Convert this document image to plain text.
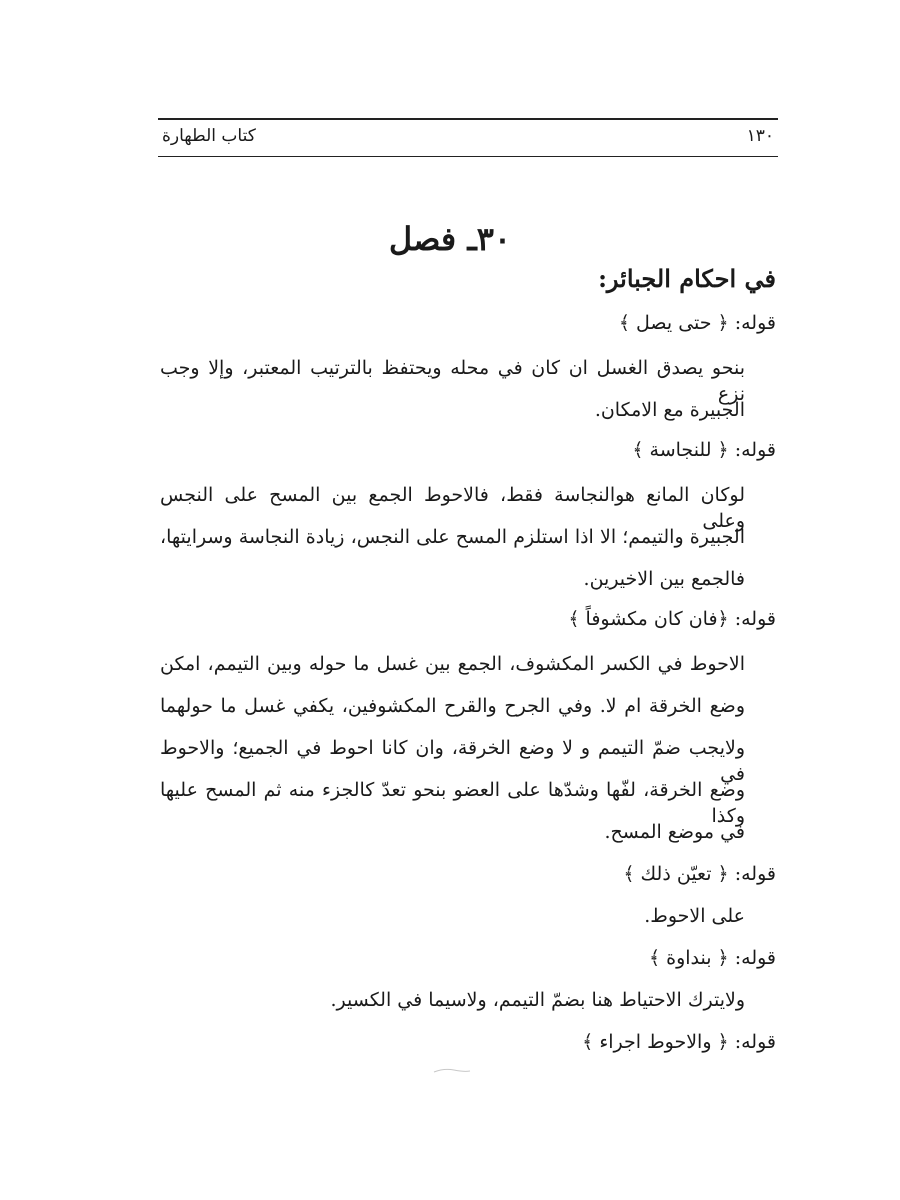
كتاب الطهارة	١٣٠
٣٠ـ فصل
في احكام الجبائر:
قوله: ﴿ حتى يصل ﴾
بنحو يصدق الغسل ان كان في محله ويحتفظ بالترتيب المعتبر، وإلا وجب نزع
الجبيرة مع الامكان.
قوله: ﴿ للنجاسة ﴾
لوكان المانع هوالنجاسة فقط، فالاحوط الجمع بين المسح على النجس وعلى
الجبيرة والتيمم؛ الا اذا استلزم المسح على النجس، زيادة النجاسة وسرايتها،
فالجمع بين الاخيرين.
قوله: ﴿فان كان مكشوفاً ﴾
الاحوط في الكسر المكشوف، الجمع بين غسل ما حوله وبين التيمم، امكن
وضع الخرقة ام لا. وفي الجرح والقرح المكشوفين، يكفي غسل ما حولهما
ولايجب ضمّ التيمم و لا وضع الخرقة، وان كانا احوط في الجميع؛ والاحوط في
وضع الخرقة، لفّها وشدّها على العضو بنحو تعدّ كالجزء منه ثم المسح عليها وكذا
في موضع المسح.
قوله: ﴿ تعيّن ذلك ﴾
على الاحوط.
قوله: ﴿ بنداوة ﴾
ولايترك الاحتياط هنا بضمّ التيمم، ولاسيما في الكسير.
قوله: ﴿ والاحوط اجراء ﴾
